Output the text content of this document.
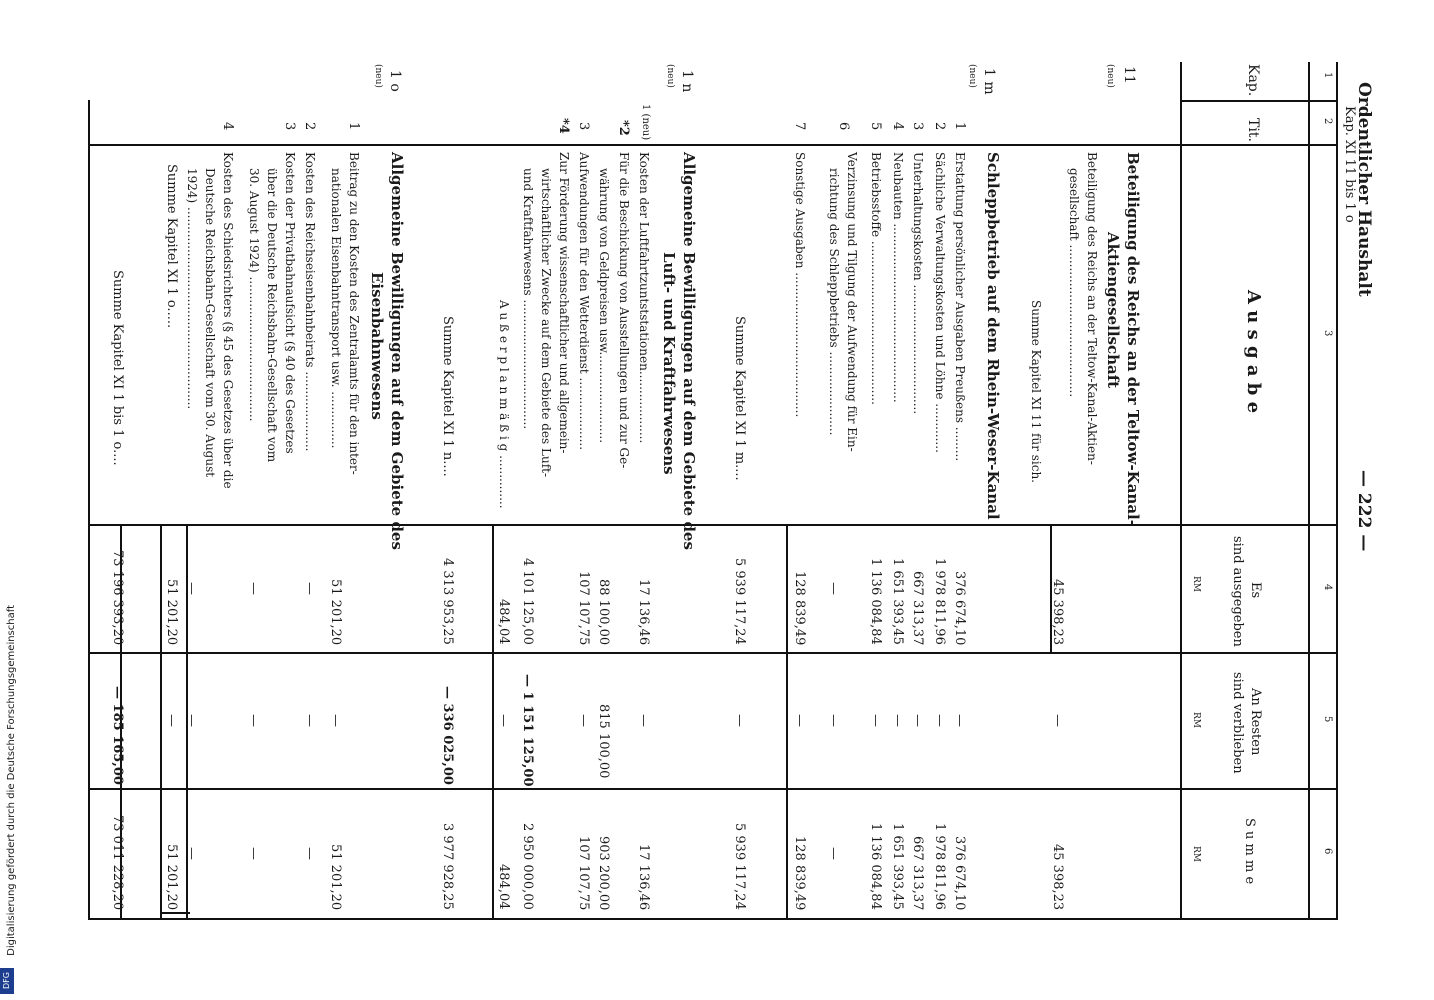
Ordentlicher Haushalt
Kap. XI 11 bis 1 o
— 222 —
1
2
3
4
5
6
Kap.
Tit.
A u s g a b e
Es
sind ausgegeben
An Resten
sind verblieben
S u m m e
RM
RM
RM
11
(neu)
Beteiligung des Reichs an der Teltow-Kanal-
Aktiengesellschaft
Beteiligung des Reichs an der Teltow-Kanal-Aktien-
gesellschaft ........................................
45 398,23
—
45 398,23
Summe Kapitel XI 11 für sich.
1 m
(neu)
Schleppbetrieb auf dem Rhein-Weser-Kanal
1
Erstattung persönlicher Ausgaben Preußens .........
376 674,10
—
376 674,10
2
Sächliche Verwaltungskosten und Löhne .............
1 978 811,96
—
1 978 811,96
3
Unterhaltungskosten ..................................
667 313,37
—
667 313,37
4
Neubauten ...............................................
1 651 393,45
—
1 651 393,45
5
Betriebsstoffe ...........................................
1 136 084,84
—
1 136 084,84
6
Verzinsung und Tilgung der Aufwendung für Ein-
richtung des Schleppbetriebs ......................
—
—
—
7
Sonstige Ausgaben ......................................
128 839,49
—
128 839,49
Summe Kapitel XI 1 m....
5 939 117,24
—
5 939 117,24
1 n
(neu)
Allgemeine Bewilligungen auf dem Gebiete des
Luft- und Kraftfahrwesens
1 (neu)
Kosten der Luftfahrtzuntststationen...................
17 136,46
—
17 136,46
*2
Für die Beschickung von Ausstellungen und zur Ge-
währung von Geldpreisen usw........................
88 100,00
815 100,00
903 200,00
3
Aufwendungen für den Wetterdienst ...................
107 107,75
—
107 107,75
*4
Zur Förderung wissenschaftlicher und allgemein-
wirtschaftlicher Zwecke auf dem Gebiete des Luft-
und Kraftfahrwesens ..................................
4 101 125,00
— 1 151 125,00
2 950 000,00
A u ß e r p l a n m ä ß i g ..............
484,04
—
484,04
Summe Kapitel XI 1 n....
4 313 953,25
— 336 025,00
3 977 928,25
1 o
(neu)
Allgemeine Bewilligungen auf dem Gebiete des
Eisenbahnwesens
1
Beitrag zu den Kosten des Zentralamts für den inter-
nationalen Eisenbahntransport usw. ...............
51 201,20
—
51 201,20
2
Kosten des Reichseisenbahnbeirats .....................
—
—
—
3
Kosten der Privatbahnaufsicht (§ 40 des Gesetzes
über die Deutsche Reichsbahn-Gesellschaft vom
30. August 1924) ......................................
—
—
—
4
Kosten des Schiedsrichters (§ 45 des Gesetzes über die
Deutsche Reichsbahn-Gesellschaft vom 30. August
1924) .....................................................
—
—
—
Summe Kapitel XI 1 o.....
51 201,20
—
51 201,20
Summe Kapitel XI 1 bis 1 o....
73 196 393,20
— 185 165,00
73 011 228,20
Digitalisierung gefördert durch die Deutsche Forschungsgemeinschaft
DFG
